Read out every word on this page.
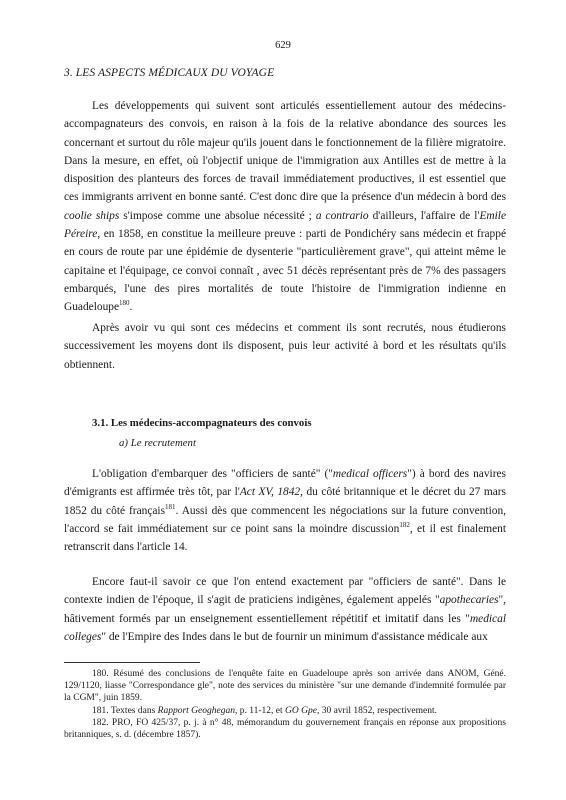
629
3. LES ASPECTS MÉDICAUX DU VOYAGE

Les développements qui suivent sont articulés essentiellement autour des médecins-accompagnateurs des convois, en raison à la fois de la relative abondance des sources les concernant et surtout du rôle majeur qu'ils jouent dans le fonctionnement de la filière migratoire. Dans la mesure, en effet, où l'objectif unique de l'immigration aux Antilles est de mettre à la disposition des planteurs des forces de travail immédiatement productives, il est essentiel que ces immigrants arrivent en bonne santé. C'est donc dire que la présence d'un médecin à bord des coolie ships s'impose comme une absolue nécessité ; a contrario d'ailleurs, l'affaire de l'Emile Péreire, en 1858, en constitue la meilleure preuve : parti de Pondichéry sans médecin et frappé en cours de route par une épidémie de dysenterie "particulièrement grave", qui atteint même le capitaine et l'équipage, ce convoi connaît , avec 51 décès représentant près de 7% des passagers embarqués, l'une des pires mortalités de toute l'histoire de l'immigration indienne en Guadeloupe$^{180}$.

Après avoir vu qui sont ces médecins et comment ils sont recrutés, nous étudierons successivement les moyens dont ils disposent, puis leur activité à bord et les résultats qu'ils obtiennent.

3.1. Les médecins-accompagnateurs des convois
a) Le recrutement

L'obligation d'embarquer des "officiers de santé" ("medical officers") à bord des navires d'émigrants est affirmée très tôt, par l'Act XV, 1842, du côté britannique et le décret du 27 mars 1852 du côté français$^{181}$. Aussi dès que commencent les négociations sur la future convention, l'accord se fait immédiatement sur ce point sans la moindre discussion$^{182}$, et il est finalement retranscrit dans l'article 14.

Encore faut-il savoir ce que l'on entend exactement par "officiers de santé". Dans le contexte indien de l'époque, il s'agit de praticiens indigènes, également appelés "apothecaries", hâtivement formés par un enseignement essentiellement répétitif et imitatif dans les "medical colleges" de l'Empire des Indes dans le but de fournir un minimum d'assistance médicale aux

180. Résumé des conclusions de l'enquête faite en Guadeloupe après son arrivée dans ANOM, Géné. 129/1120, liasse "Correspondance gle", note des services du ministère "sur une demande d'indemnité formulée par la CGM", juin 1859.

181. Textes dans Rapport Geoghegan, p. 11-12, et GO Gpe, 30 avril 1852, respectivement.

182. PRO, FO 425/37, p. j. à n° 48, mémorandum du gouvernement français en réponse aux propositions britanniques, s. d. (décembre 1857).
